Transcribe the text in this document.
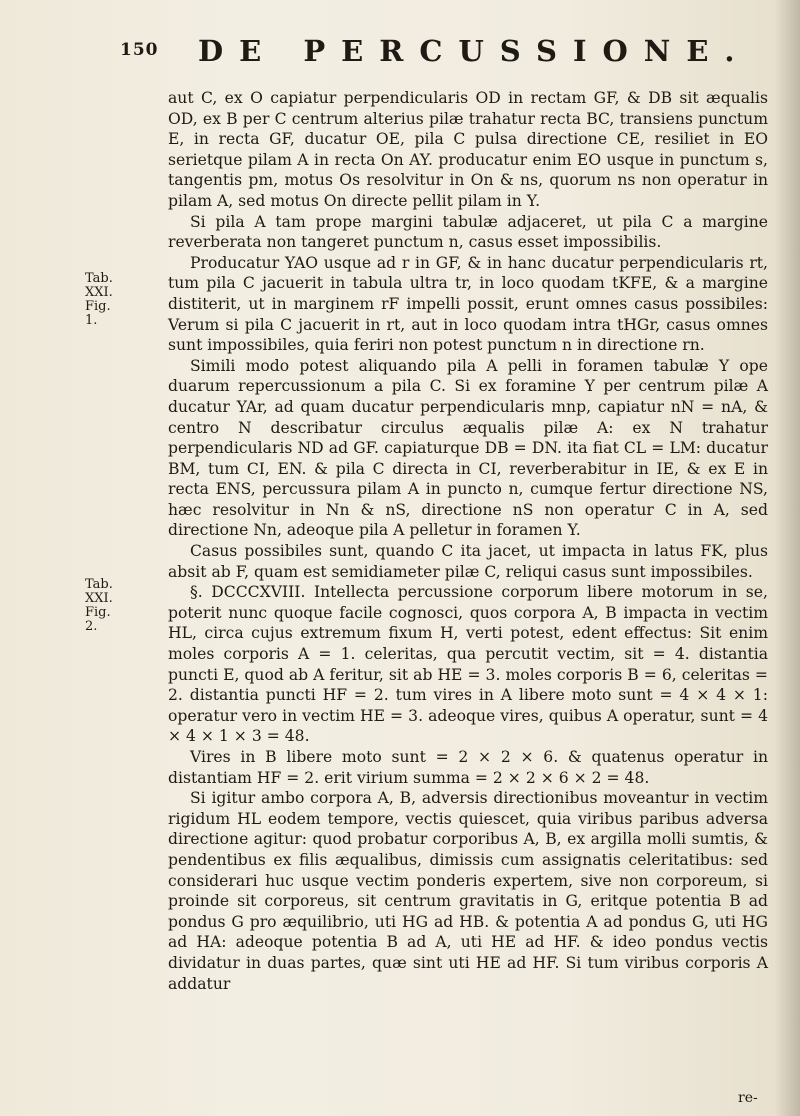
150 DE PERCUSSIONE.
Tab. XXI. Fig. 1.
Tab. XXI. Fig. 2.

aut C, ex O capiatur perpendicularis OD in rectam GF, & DB sit æqualis OD, ex B per C centrum alterius pilæ trahatur recta BC, transiens punctum E, in recta GF, ducatur OE, pila C pulsa directione CE, resiliet in EO serietque pilam A in recta On AY. producatur enim EO usque in punctum s, tangentis pm, motus Os resolvitur in On & ns, quorum ns non operatur in pilam A, sed motus On directe pellit pilam in Y.

Si pila A tam prope margini tabulæ adjaceret, ut pila C a margine reverberata non tangeret punctum n, casus esset impossibilis.

Producatur YAO usque ad r in GF, & in hanc ducatur perpendicularis rt, tum pila C jacuerit in tabula ultra tr, in loco quodam tKFE, & a margine distiterit, ut in marginem rF impelli possit, erunt omnes casus possibiles: Verum si pila C jacuerit in rt, aut in loco quodam intra tHGr, casus omnes sunt impossibiles, quia feriri non potest punctum n in directione rn.

Simili modo potest aliquando pila A pelli in foramen tabulæ Y ope duarum repercussionum a pila C. Si ex foramine Y per centrum pilæ A ducatur YAr, ad quam ducatur perpendicularis mnp, capiatur nN = nA, & centro N describatur circulus æqualis pilæ A: ex N trahatur perpendicularis ND ad GF. capiaturque DB = DN. ita fiat CL = LM: ducatur BM, tum CI, EN. & pila C directa in CI, reverberabitur in IE, & ex E in recta ENS, percussura pilam A in puncto n, cumque fertur directione NS, hæc resolvitur in Nn & nS, directione nS non operatur C in A, sed directione Nn, adeoque pila A pelletur in foramen Y.

Casus possibiles sunt, quando C ita jacet, ut impacta in latus FK, plus absit ab F, quam est semidiameter pilæ C, reliqui casus sunt impossibiles.

§. DCCCXVIII. Intellecta percussione corporum libere motorum in se, poterit nunc quoque facile cognosci, quos corpora A, B impacta in vectim HL, circa cujus extremum fixum H, verti potest, edent effectus: Sit enim moles corporis A = 1. celeritas, qua percutit vectim, sit = 4. distantia puncti E, quod ab A feritur, sit ab HE = 3. moles corporis B = 6, celeritas = 2. distantia puncti HF = 2. tum vires in A libere moto sunt = 4 × 4 × 1: operatur vero in vectim HE = 3. adeoque vires, quibus A operatur, sunt = 4 × 4 × 1 × 3 = 48.

Vires in B libere moto sunt = 2 × 2 × 6. & quatenus operatur in distantiam HF = 2. erit virium summa = 2 × 2 × 6 × 2 = 48.

Si igitur ambo corpora A, B, adversis directionibus moveantur in vectim rigidum HL eodem tempore, vectis quiescet, quia viribus paribus adversa directione agitur: quod probatur corporibus A, B, ex argilla molli sumtis, & pendentibus ex filis æqualibus, dimissis cum assignatis celeritatibus: sed considerari huc usque vectim ponderis expertem, sive non corporeum, si proinde sit corporeus, sit centrum gravitatis in G, eritque potentia B ad pondus G pro æquilibrio, uti HG ad HB. & potentia A ad pondus G, uti HG ad HA: adeoque potentia B ad A, uti HE ad HF. & ideo pondus vectis dividatur in duas partes, quæ sint uti HE ad HF. Si tum viribus corporis A addatur

re-
